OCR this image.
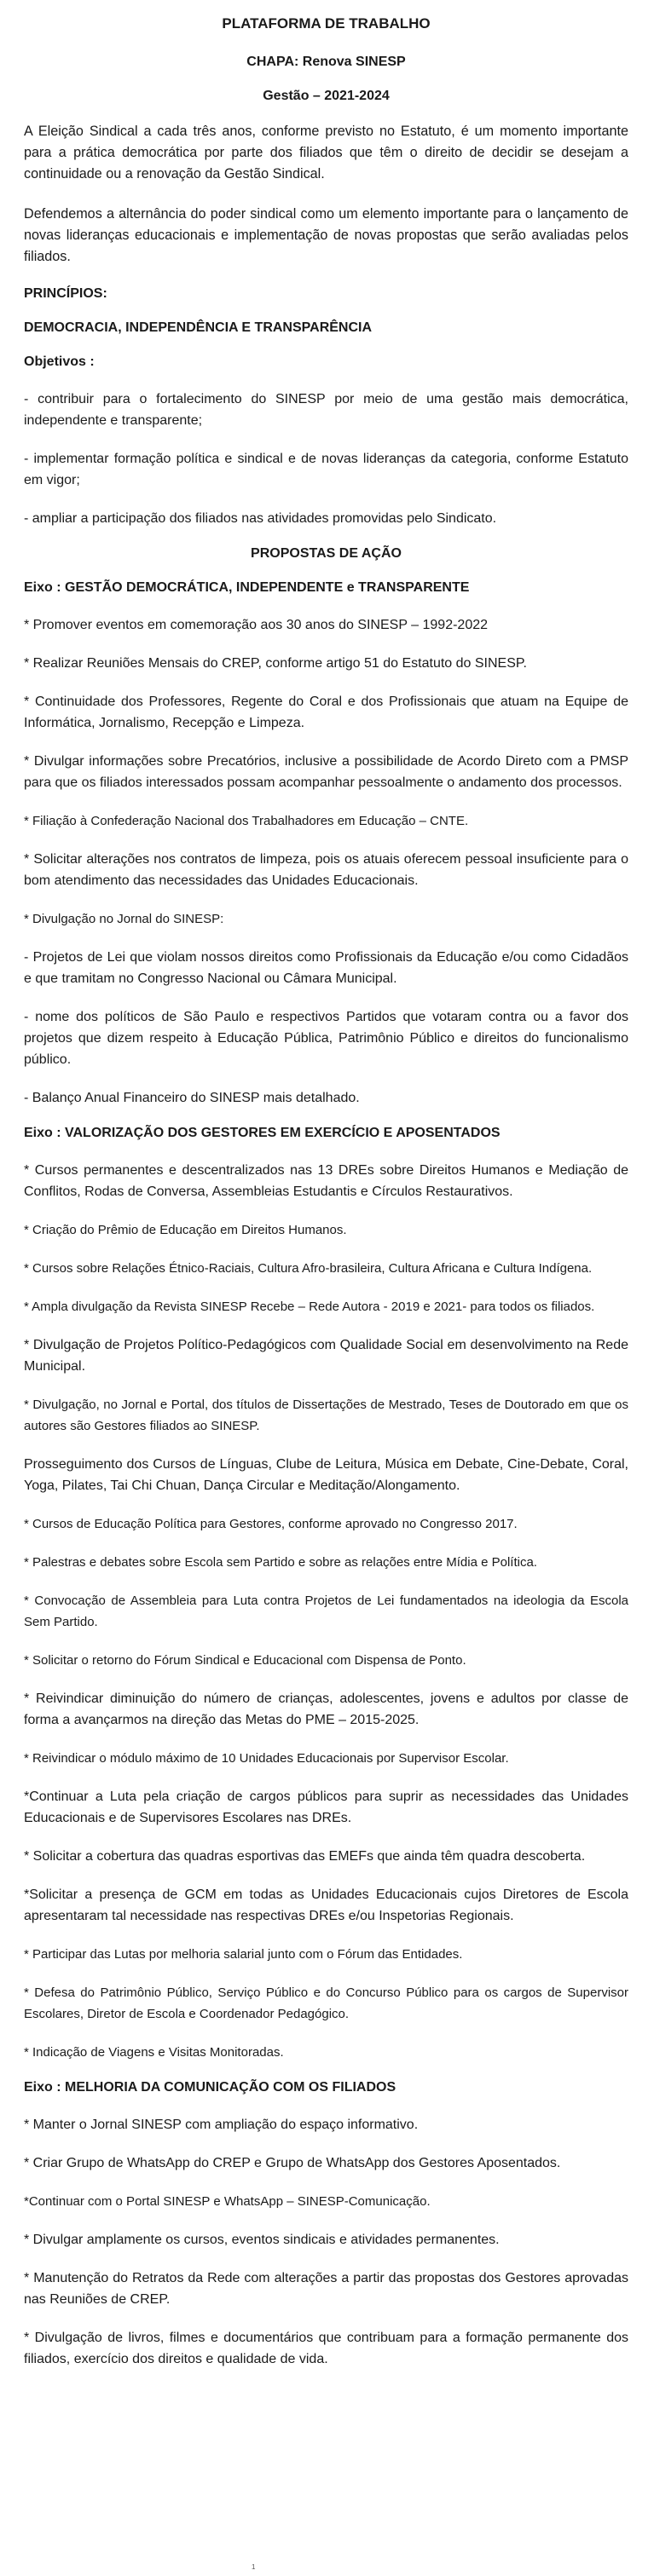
PLATAFORMA DE TRABALHO
CHAPA: Renova SINESP
Gestão – 2021-2024

A Eleição Sindical a cada três anos, conforme previsto no Estatuto, é um momento importante para a prática democrática por parte dos filiados que têm o direito de decidir se desejam a continuidade ou a renovação da Gestão Sindical.

Defendemos a alternância do poder sindical como um elemento importante para o lançamento de novas lideranças educacionais e implementação de novas propostas que serão avaliadas pelos filiados.

PRINCÍPIOS:
DEMOCRACIA, INDEPENDÊNCIA E TRANSPARÊNCIA
Objetivos :
- contribuir para o fortalecimento do SINESP por meio de uma gestão mais democrática, independente e transparente;
- implementar formação política e sindical e de novas lideranças da categoria, conforme Estatuto em vigor;
- ampliar a participação dos filiados nas atividades promovidas pelo Sindicato.
PROPOSTAS DE AÇÃO
Eixo : GESTÃO DEMOCRÁTICA, INDEPENDENTE e TRANSPARENTE
* Promover eventos em comemoração aos 30 anos do SINESP – 1992-2022
* Realizar Reuniões Mensais do CREP, conforme artigo 51 do Estatuto do SINESP.
* Continuidade dos Professores, Regente do Coral e dos Profissionais que atuam na Equipe de Informática, Jornalismo, Recepção e Limpeza.
* Divulgar informações sobre Precatórios, inclusive a possibilidade de Acordo Direto com a PMSP para que os filiados interessados possam acompanhar pessoalmente o andamento dos processos.
* Filiação à Confederação Nacional dos Trabalhadores em Educação – CNTE.
* Solicitar alterações nos contratos de limpeza, pois os atuais oferecem pessoal insuficiente para o bom atendimento das necessidades das Unidades Educacionais.
* Divulgação no Jornal do SINESP:
- Projetos de Lei que violam nossos direitos como Profissionais da Educação e/ou como Cidadãos e que tramitam no Congresso Nacional ou Câmara Municipal.
- nome dos políticos de São Paulo e respectivos Partidos que votaram contra ou a favor dos projetos que dizem respeito à Educação Pública, Patrimônio Público e direitos do funcionalismo público.
- Balanço Anual Financeiro do SINESP mais detalhado.
Eixo : VALORIZAÇÃO DOS GESTORES EM EXERCÍCIO E APOSENTADOS
* Cursos permanentes e descentralizados nas 13 DREs sobre Direitos Humanos e Mediação de Conflitos, Rodas de Conversa, Assembleias Estudantis e Círculos Restaurativos.
* Criação do Prêmio de Educação em Direitos Humanos.
* Cursos sobre Relações Étnico-Raciais, Cultura Afro-brasileira, Cultura Africana e Cultura Indígena.
* Ampla divulgação da Revista SINESP Recebe – Rede Autora - 2019 e 2021- para todos os filiados.
* Divulgação de Projetos Político-Pedagógicos com Qualidade Social em desenvolvimento na Rede Municipal.
* Divulgação, no Jornal e Portal, dos títulos de Dissertações de Mestrado, Teses de Doutorado em que os autores são Gestores filiados ao SINESP.
Prosseguimento dos Cursos de Línguas, Clube de Leitura, Música em Debate, Cine-Debate, Coral, Yoga, Pilates, Tai Chi Chuan, Dança Circular e Meditação/Alongamento.
* Cursos de Educação Política para Gestores, conforme aprovado no Congresso 2017.
* Palestras e debates sobre Escola sem Partido e sobre as relações entre Mídia e Política.
* Convocação de Assembleia para Luta contra Projetos de Lei fundamentados na ideologia da Escola Sem Partido.
* Solicitar o retorno do Fórum Sindical e Educacional com Dispensa de Ponto.
* Reivindicar diminuição do número de crianças, adolescentes, jovens e adultos por classe de forma a avançarmos na direção das Metas do PME – 2015-2025.
* Reivindicar o módulo máximo de 10 Unidades Educacionais por Supervisor Escolar.
*Continuar a Luta pela criação de cargos públicos para suprir as necessidades das Unidades Educacionais e de Supervisores Escolares nas DREs.
* Solicitar a cobertura das quadras esportivas das EMEFs que ainda têm quadra descoberta.
*Solicitar a presença de GCM em todas as Unidades Educacionais cujos Diretores de Escola apresentaram tal necessidade nas respectivas DREs e/ou Inspetorias Regionais.
* Participar das Lutas por melhoria salarial junto com o Fórum das Entidades.
* Defesa do Patrimônio Público, Serviço Público e do Concurso Público para os cargos de Supervisor Escolares, Diretor de Escola e Coordenador Pedagógico.
* Indicação de Viagens e Visitas Monitoradas.
Eixo : MELHORIA DA COMUNICAÇÃO COM OS FILIADOS
* Manter o Jornal SINESP com ampliação do espaço informativo.
* Criar Grupo de WhatsApp do CREP e Grupo de WhatsApp dos Gestores Aposentados.
*Continuar com o Portal SINESP e WhatsApp – SINESP-Comunicação.
* Divulgar amplamente os cursos, eventos sindicais e atividades permanentes.
* Manutenção do Retratos da Rede com alterações a partir das propostas dos Gestores aprovadas nas Reuniões de CREP.
* Divulgação de livros, filmes e documentários que contribuam para a formação permanente dos filiados, exercício dos direitos e qualidade de vida.
1
